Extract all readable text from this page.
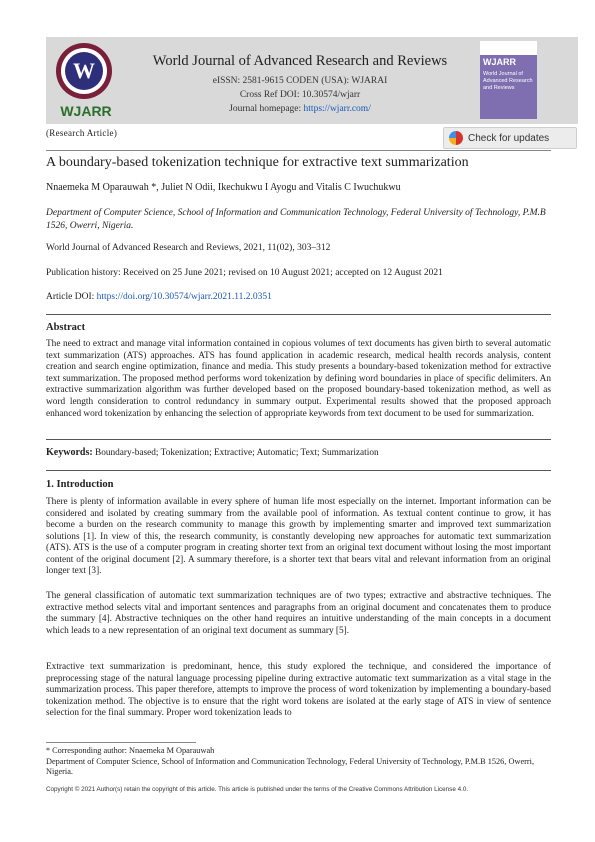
W
WJARR
World Journal of Advanced Research and Reviews
eISSN: 2581-9615 CODEN (USA): WJARAI
Cross Ref DOI: 10.30574/wjarr
Journal homepage: https://wjarr.com/
WJARR
World Journal of Advanced Research and Reviews
(Research Article)	Check for updates
A boundary-based tokenization technique for extractive text summarization
Nnaemeka M Oparauwah *, Juliet N Odii, Ikechukwu I Ayogu and Vitalis C Iwuchukwu
Department of Computer Science, School of Information and Communication Technology, Federal University of Technology, P.M.B 1526, Owerri, Nigeria.
World Journal of Advanced Research and Reviews, 2021, 11(02), 303–312
Publication history: Received on 25 June 2021; revised on 10 August 2021; accepted on 12 August 2021
Article DOI: https://doi.org/10.30574/wjarr.2021.11.2.0351
Abstract
The need to extract and manage vital information contained in copious volumes of text documents has given birth to several automatic text summarization (ATS) approaches. ATS has found application in academic research, medical health records analysis, content creation and search engine optimization, finance and media. This study presents a boundary-based tokenization method for extractive text summarization. The proposed method performs word tokenization by defining word boundaries in place of specific delimiters. An extractive summarization algorithm was further developed based on the proposed boundary-based tokenization method, as well as word length consideration to control redundancy in summary output. Experimental results showed that the proposed approach enhanced word tokenization by enhancing the selection of appropriate keywords from text document to be used for summarization.
Keywords: Boundary-based; Tokenization; Extractive; Automatic; Text; Summarization
1. Introduction
There is plenty of information available in every sphere of human life most especially on the internet. Important information can be considered and isolated by creating summary from the available pool of information. As textual content continue to grow, it has become a burden on the research community to manage this growth by implementing smarter and improved text summarization solutions [1]. In view of this, the research community, is constantly developing new approaches for automatic text summarization (ATS). ATS is the use of a computer program in creating shorter text from an original text document without losing the most important content of the original document [2]. A summary therefore, is a shorter text that bears vital and relevant information from an original longer text [3].
The general classification of automatic text summarization techniques are of two types; extractive and abstractive techniques. The extractive method selects vital and important sentences and paragraphs from an original document and concatenates them to produce the summary [4]. Abstractive techniques on the other hand requires an intuitive understanding of the main concepts in a document which leads to a new representation of an original text document as summary [5].
Extractive text summarization is predominant, hence, this study explored the technique, and considered the importance of preprocessing stage of the natural language processing pipeline during extractive automatic text summarization as a vital stage in the summarization process. This paper therefore, attempts to improve the process of word tokenization by implementing a boundary-based tokenization method. The objective is to ensure that the right word tokens are isolated at the early stage of ATS in view of sentence selection for the final summary. Proper word tokenization leads to
* Corresponding author: Nnaemeka M Oparauwah
Department of Computer Science, School of Information and Communication Technology, Federal University of Technology, P.M.B 1526, Owerri, Nigeria.
Copyright © 2021 Author(s) retain the copyright of this article. This article is published under the terms of the Creative Commons Attribution License 4.0.
